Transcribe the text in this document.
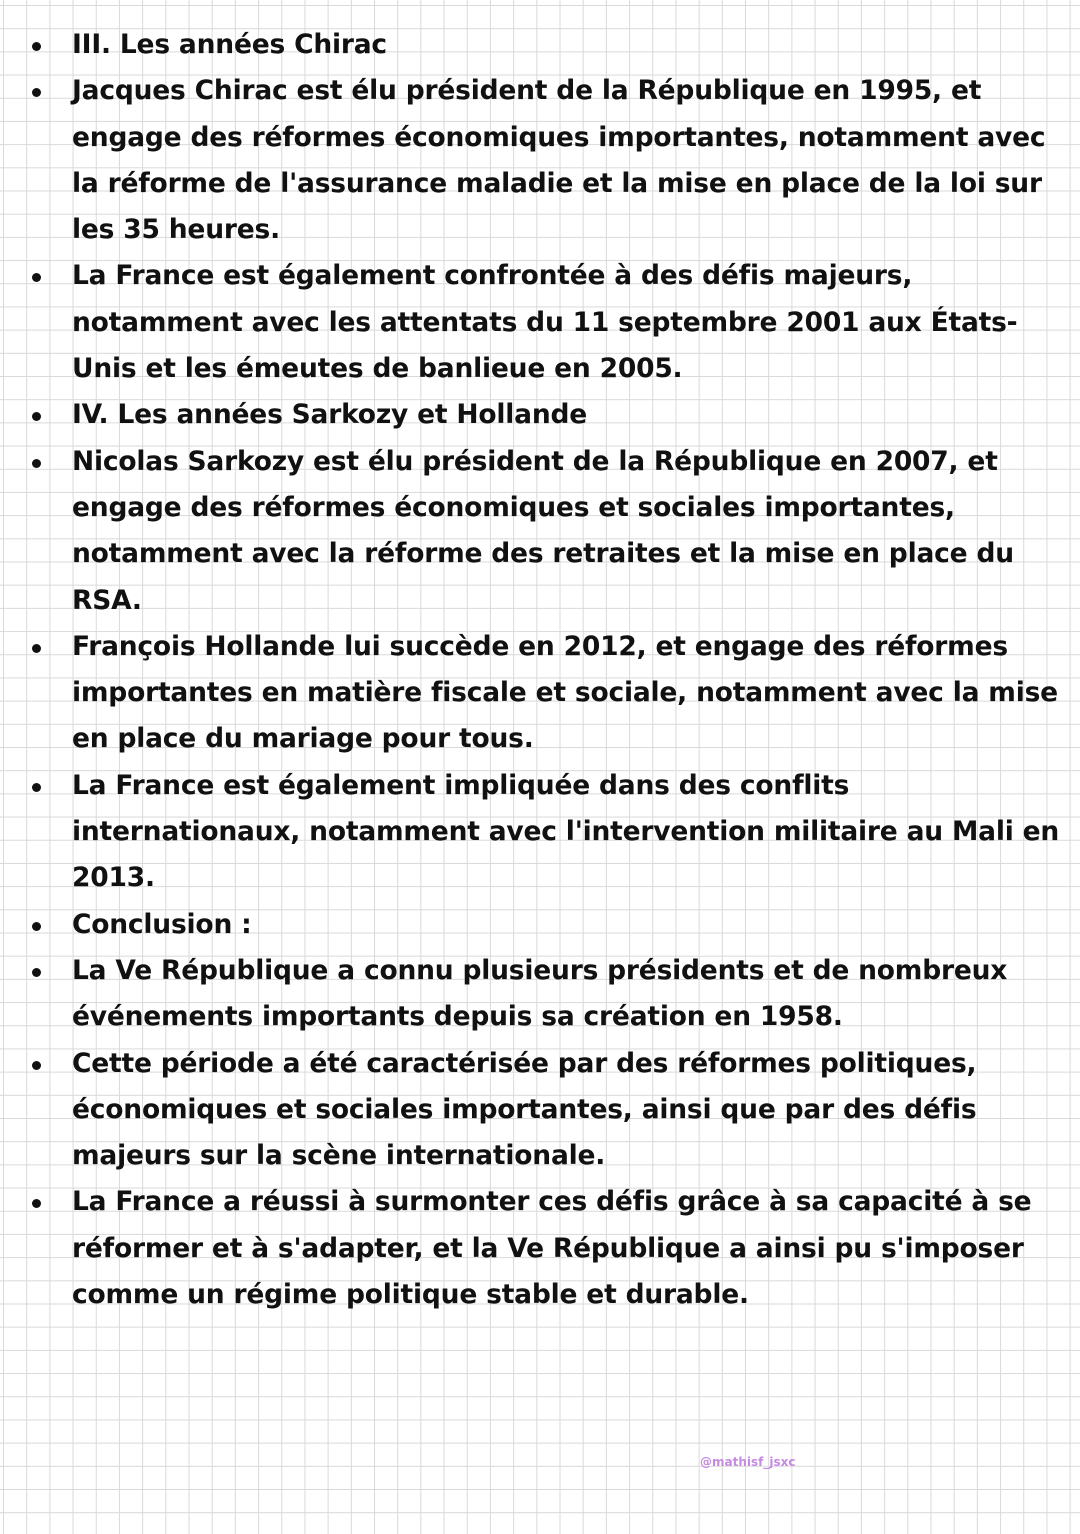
III. Les années Chirac
Jacques Chirac est élu président de la République en 1995, et engage des réformes économiques importantes, notamment avec la réforme de l'assurance maladie et la mise en place de la loi sur les 35 heures.
La France est également confrontée à des défis majeurs, notamment avec les attentats du 11 septembre 2001 aux États-Unis et les émeutes de banlieue en 2005.
IV. Les années Sarkozy et Hollande
Nicolas Sarkozy est élu président de la République en 2007, et engage des réformes économiques et sociales importantes, notamment avec la réforme des retraites et la mise en place du RSA.
François Hollande lui succède en 2012, et engage des réformes importantes en matière fiscale et sociale, notamment avec la mise en place du mariage pour tous.
La France est également impliquée dans des conflits internationaux, notamment avec l'intervention militaire au Mali en 2013.
Conclusion :
La Ve République a connu plusieurs présidents et de nombreux événements importants depuis sa création en 1958.
Cette période a été caractérisée par des réformes politiques, économiques et sociales importantes, ainsi que par des défis majeurs sur la scène internationale.
La France a réussi à surmonter ces défis grâce à sa capacité à se réformer et à s'adapter, et la Ve République a ainsi pu s'imposer comme un régime politique stable et durable.
@mathisf_jsxc
